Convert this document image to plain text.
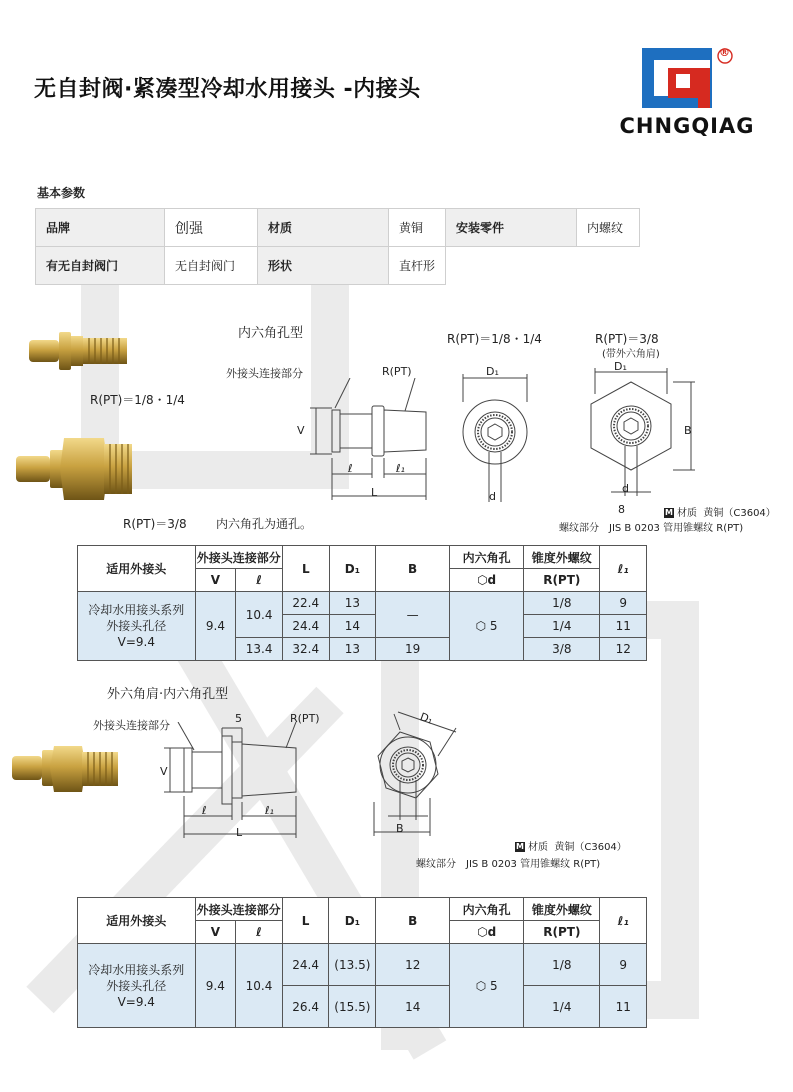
无自封阀·紧凑型冷却水用接头 -内接头
®
CHNGQIAG
基本参数
品牌	创强	材质	黄铜	安装零件	内螺纹
有无自封阀门	无自封阀门	形状	直杆形		
R(PT)＝1/8・1/4
R(PT)＝3/8
内六角孔型
外接头连接部分	R(PT)
V
ℓ	ℓ₁
L
R(PT)＝1/8・1/4
D₁
d
R(PT)＝3/8
(带外六角肩)
D₁
B
d
8
内六角孔为通孔。
M 材质 黄铜（C3604）
螺纹部分　JIS B 0203 管用锥螺纹 R(PT)
适用外接头	外接头连接部分		L	D₁	B	内六角孔	锥度外螺纹	ℓ₁
	V	ℓ				⬡d	R(PT)	

冷却水用接头系列
外接头孔径
V=9.4	9.4	10.4	22.4	13	—	⬡ 5	1/8	9
			24.4	14			1/4	11
		13.4	32.4	13	19		3/8	12
外六角肩·内六角孔型
外接头连接部分
5	R(PT)
V
ℓ	ℓ₁
L
D₁
B
M 材质 黄铜（C3604）
螺纹部分　JIS B 0203 管用锥螺纹 R(PT)
适用外接头	外接头连接部分		L	D₁	B	内六角孔	锥度外螺纹	ℓ₁
	V	ℓ				⬡d	R(PT)	

冷却水用接头系列
外接头孔径
V=9.4	9.4	10.4	24.4	(13.5)	12	⬡ 5	1/8	9
			26.4	(15.5)	14		1/4	11
